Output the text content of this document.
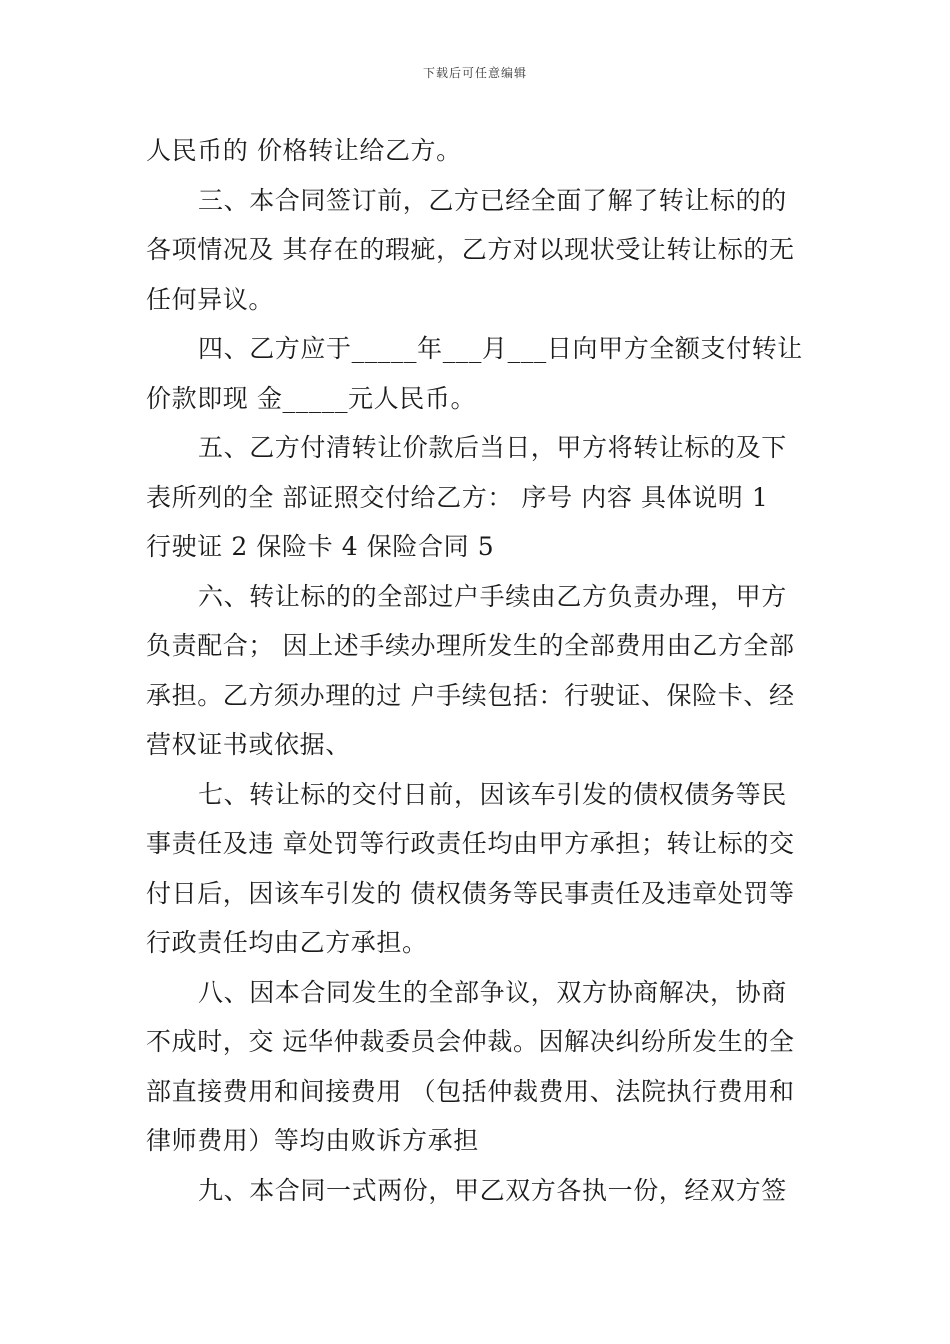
下载后可任意编辑
人民币的 价格转让给乙方。
三、本合同签订前，乙方已经全面了解了转让标的的
各项情况及 其存在的瑕疵，乙方对以现状受让转让标的无
任何异议。
四、乙方应于_____年___月___日向甲方全额支付转让
价款即现 金_____元人民币。
五、乙方付清转让价款后当日，甲方将转让标的及下
表所列的全 部证照交付给乙方： 序号 内容 具体说明 1
行驶证 2 保险卡 4 保险合同 5
六、转让标的的全部过户手续由乙方负责办理，甲方
负责配合； 因上述手续办理所发生的全部费用由乙方全部
承担。乙方须办理的过 户手续包括：行驶证、保险卡、经
营权证书或依据、
七、转让标的交付日前，因该车引发的债权债务等民
事责任及违 章处罚等行政责任均由甲方承担；转让标的交
付日后，因该车引发的 债权债务等民事责任及违章处罚等
行政责任均由乙方承担。
八、因本合同发生的全部争议，双方协商解决，协商
不成时，交 远华仲裁委员会仲裁。因解决纠纷所发生的全
部直接费用和间接费用 （包括仲裁费用、法院执行费用和
律师费用）等均由败诉方承担
九、本合同一式两份，甲乙双方各执一份，经双方签
